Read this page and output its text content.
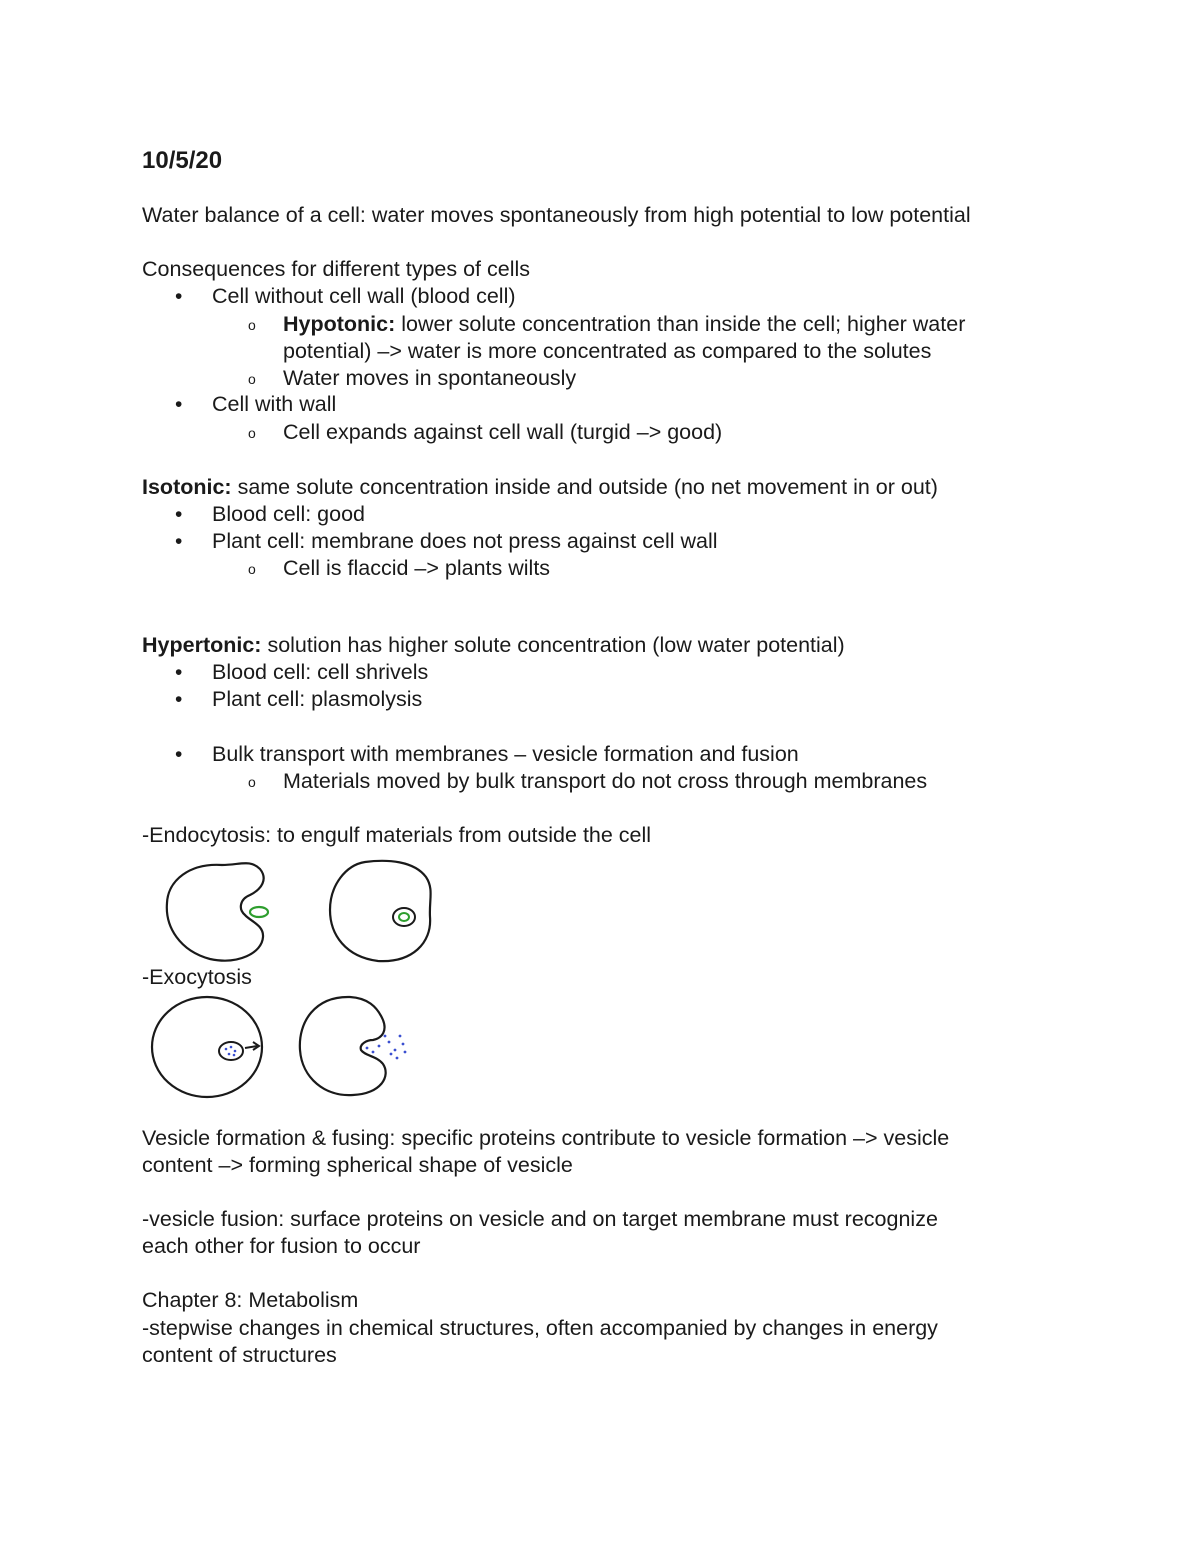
10/5/20
Water balance of a cell: water moves spontaneously from high potential to low potential
Consequences for different types of cells
• Cell without cell wall (blood cell)
o Hypotonic: lower solute concentration than inside the cell; higher water
potential) –> water is more concentrated as compared to the solutes
o Water moves in spontaneously
• Cell with wall
o Cell expands against cell wall (turgid –> good)
Isotonic: same solute concentration inside and outside (no net movement in or out)
• Blood cell: good
• Plant cell: membrane does not press against cell wall
o Cell is flaccid –> plants wilts
Hypertonic: solution has higher solute concentration (low water potential)
• Blood cell: cell shrivels
• Plant cell: plasmolysis
• Bulk transport with membranes – vesicle formation and fusion
o Materials moved by bulk transport do not cross through membranes
-Endocytosis: to engulf materials from outside the cell
-Exocytosis
Vesicle formation & fusing: specific proteins contribute to vesicle formation –> vesicle
content –> forming spherical shape of vesicle
-vesicle fusion: surface proteins on vesicle and on target membrane must recognize
each other for fusion to occur
Chapter 8: Metabolism
-stepwise changes in chemical structures, often accompanied by changes in energy
content of structures
